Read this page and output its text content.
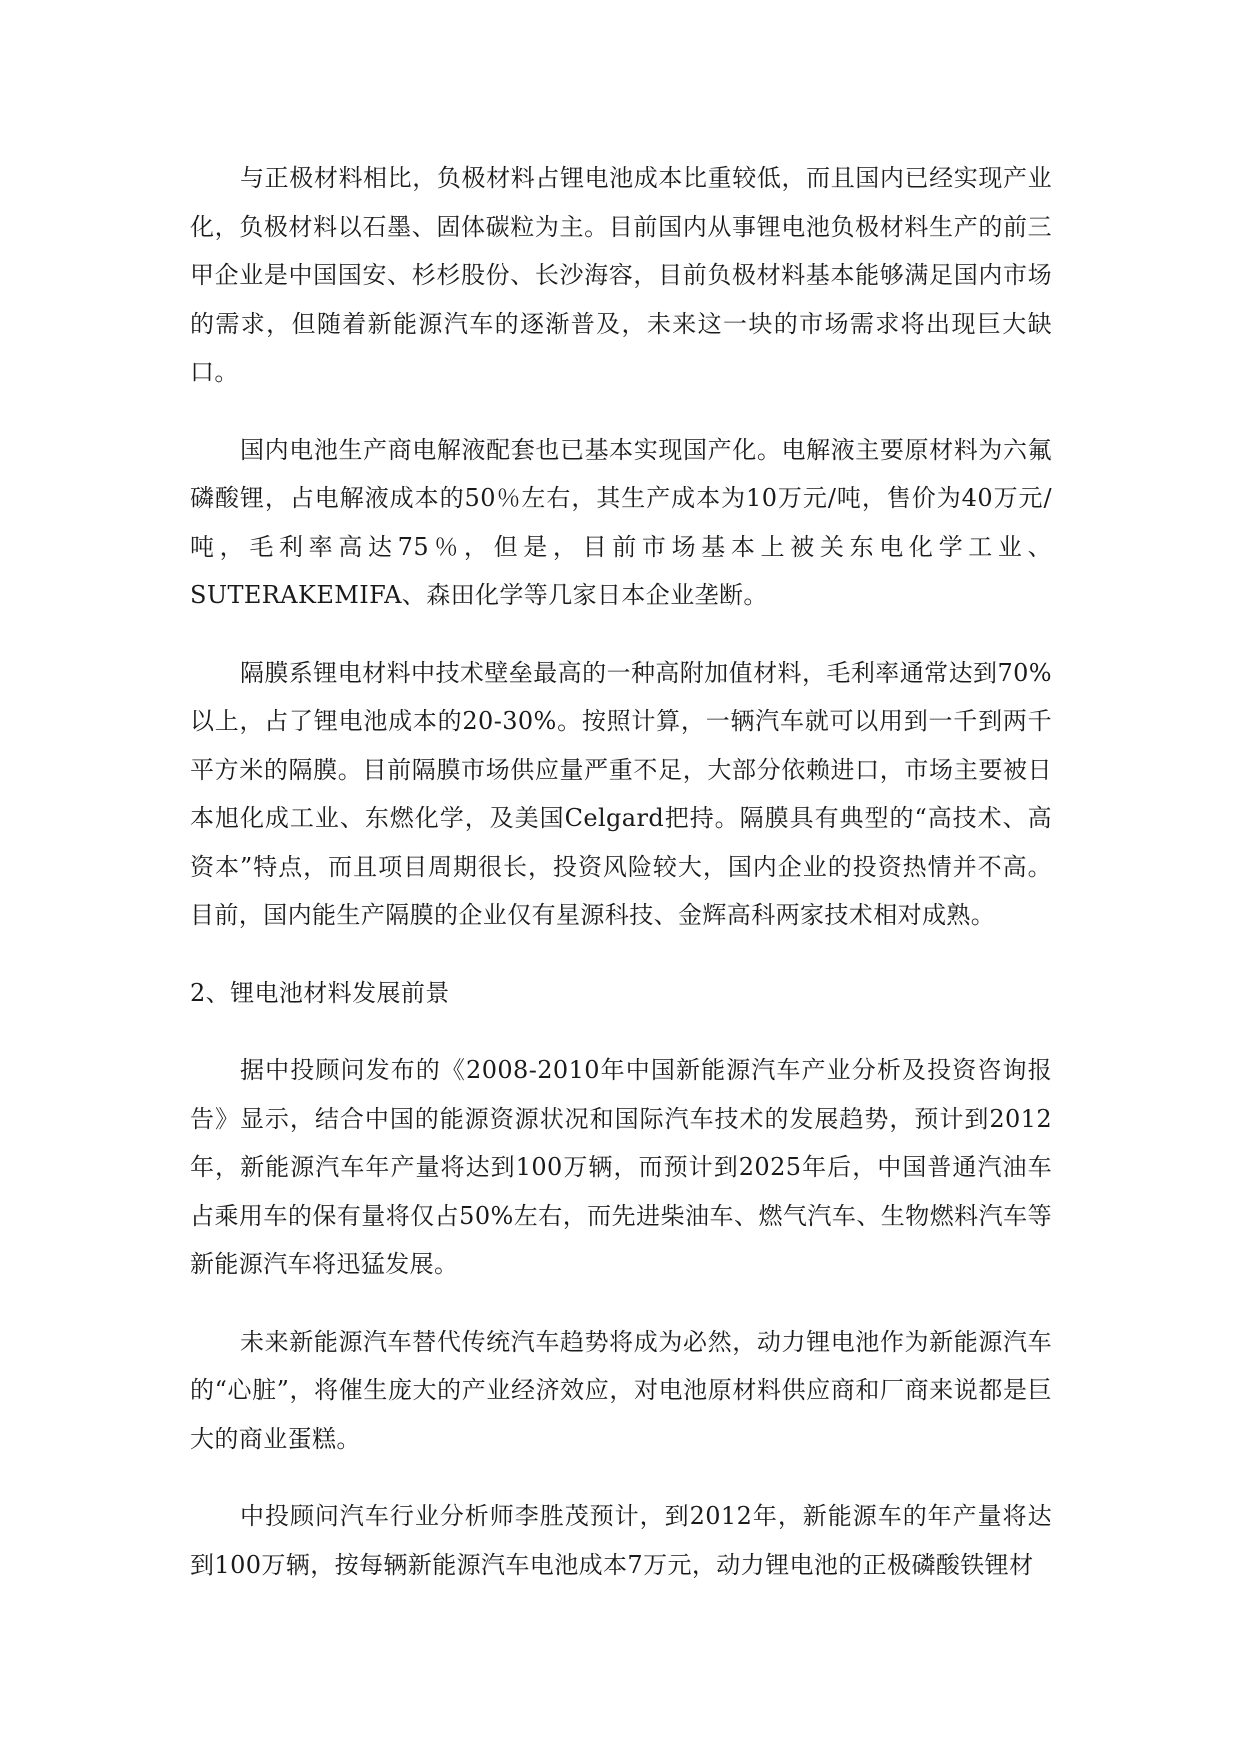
与正极材料相比，负极材料占锂电池成本比重较低，而且国内已经实现产业化，负极材料以石墨、固体碳粒为主。目前国内从事锂电池负极材料生产的前三甲企业是中国国安、杉杉股份、长沙海容，目前负极材料基本能够满足国内市场的需求，但随着新能源汽车的逐渐普及，未来这一块的市场需求将出现巨大缺口。

国内电池生产商电解液配套也已基本实现国产化。电解液主要原材料为六氟磷酸锂，占电解液成本的50％左右，其生产成本为10万元/吨，售价为40万元/吨，毛利率高达75％，但是，目前市场基本上被关东电化学工业、SUTERAKEMIFA、森田化学等几家日本企业垄断。

隔膜系锂电材料中技术壁垒最高的一种高附加值材料，毛利率通常达到70%以上，占了锂电池成本的20-30%。按照计算，一辆汽车就可以用到一千到两千平方米的隔膜。目前隔膜市场供应量严重不足，大部分依赖进口，市场主要被日本旭化成工业、东燃化学，及美国Celgard把持。隔膜具有典型的“高技术、高资本”特点，而且项目周期很长，投资风险较大，国内企业的投资热情并不高。目前，国内能生产隔膜的企业仅有星源科技、金辉高科两家技术相对成熟。

2、锂电池材料发展前景

据中投顾问发布的《2008-2010年中国新能源汽车产业分析及投资咨询报告》显示，结合中国的能源资源状况和国际汽车技术的发展趋势，预计到2012年，新能源汽车年产量将达到100万辆，而预计到2025年后，中国普通汽油车占乘用车的保有量将仅占50%左右，而先进柴油车、燃气汽车、生物燃料汽车等新能源汽车将迅猛发展。

未来新能源汽车替代传统汽车趋势将成为必然，动力锂电池作为新能源汽车的“心脏”，将催生庞大的产业经济效应，对电池原材料供应商和厂商来说都是巨大的商业蛋糕。

中投顾问汽车行业分析师李胜茂预计，到2012年，新能源车的年产量将达到100万辆，按每辆新能源汽车电池成本7万元，动力锂电池的正极磷酸铁锂材
